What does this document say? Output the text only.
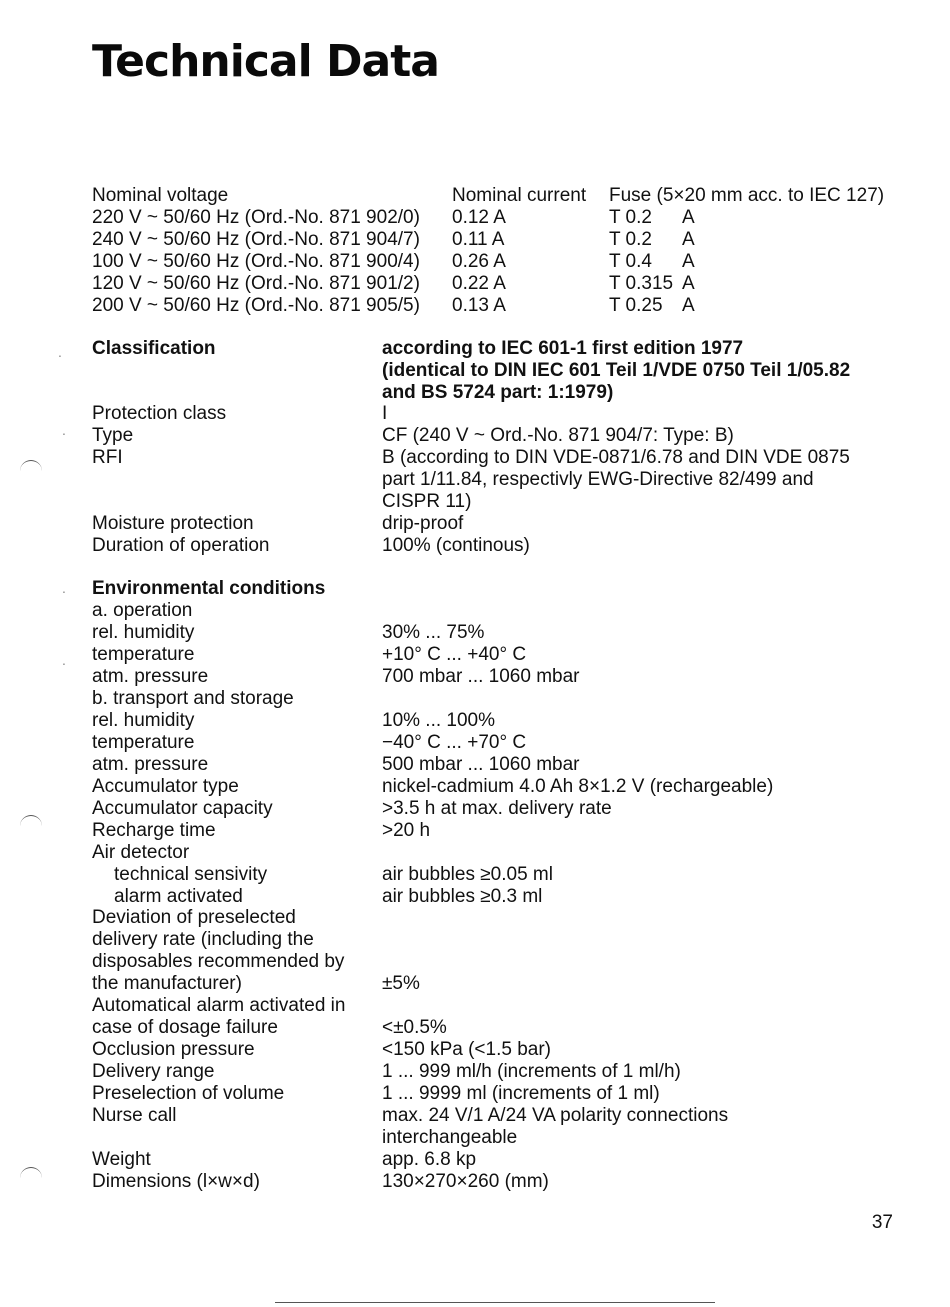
Technical Data
Nominal voltage	Nominal current Fuse (5×20 mm acc. to IEC 127)
220 V ~ 50/60 Hz (Ord.-No. 871 902/0) 0.12 A	T 0.2 A
240 V ~ 50/60 Hz (Ord.-No. 871 904/7) 0.11 A	T 0.2 A
100 V ~ 50/60 Hz (Ord.-No. 871 900/4) 0.26 A	T 0.4 A
120 V ~ 50/60 Hz (Ord.-No. 871 901/2) 0.22 A	T 0.315 A
200 V ~ 50/60 Hz (Ord.-No. 871 905/5) 0.13 A	T 0.25 A
Classification	according to IEC 601-1 first edition 1977
(identical to DIN IEC 601 Teil 1/VDE 0750 Teil 1/05.82
and BS 5724 part: 1:1979)
Protection class	I
Type	CF (240 V ~ Ord.-No. 871 904/7: Type: B)
RFI	B (according to DIN VDE-0871/6.78 and DIN VDE 0875
part 1/11.84, respectivly EWG-Directive 82/499 and
CISPR 11)
Moisture protection	drip-proof
Duration of operation	100% (continous)
Environmental conditions
a. operation
rel. humidity	30% ... 75%
temperature	+10° C ... +40° C
atm. pressure	700 mbar ... 1060 mbar
b. transport and storage
rel. humidity	10% ... 100%
temperature	−40° C ... +70° C
atm. pressure	500 mbar ... 1060 mbar
Accumulator type	nickel-cadmium 4.0 Ah 8×1.2 V (rechargeable)
Accumulator capacity	>3.5 h at max. delivery rate
Recharge time	>20 h
Air detector
technical sensivity	air bubbles ≥0.05 ml
alarm activated	air bubbles ≥0.3 ml
Deviation of preselected
delivery rate (including the
disposables recommended by
the manufacturer)	±5%
Automatical alarm activated in
case of dosage failure	<±0.5%
Occlusion pressure	<150 kPa (<1.5 bar)
Delivery range	1 ... 999 ml/h (increments of 1 ml/h)
Preselection of volume	1 ... 9999 ml (increments of 1 ml)
Nurse call	max. 24 V/1 A/24 VA polarity connections
interchangeable
Weight	app. 6.8 kp
Dimensions (l×w×d)	130×270×260 (mm)
37
.
.
.
.
